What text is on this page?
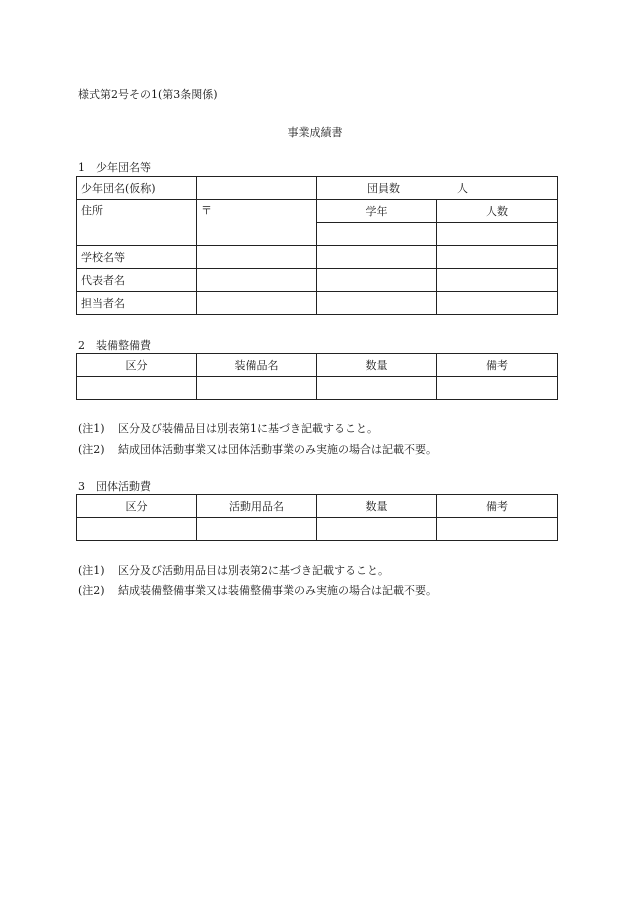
様式第2号その1(第3条関係)
事業成績書
1　少年団名等
少年団名(仮称)		団員数 人	
住所	〒	学年	人数

学校名等			
代表者名			
担当者名			
2　装備整備費
区分	装備品名	数量	備考

(注1) 区分及び装備品目は別表第1に基づき記載すること。
(注2) 結成団体活動事業又は団体活動事業のみ実施の場合は記載不要。
3　団体活動費
区分	活動用品名	数量	備考

(注1) 区分及び活動用品目は別表第2に基づき記載すること。
(注2) 結成装備整備事業又は装備整備事業のみ実施の場合は記載不要。
